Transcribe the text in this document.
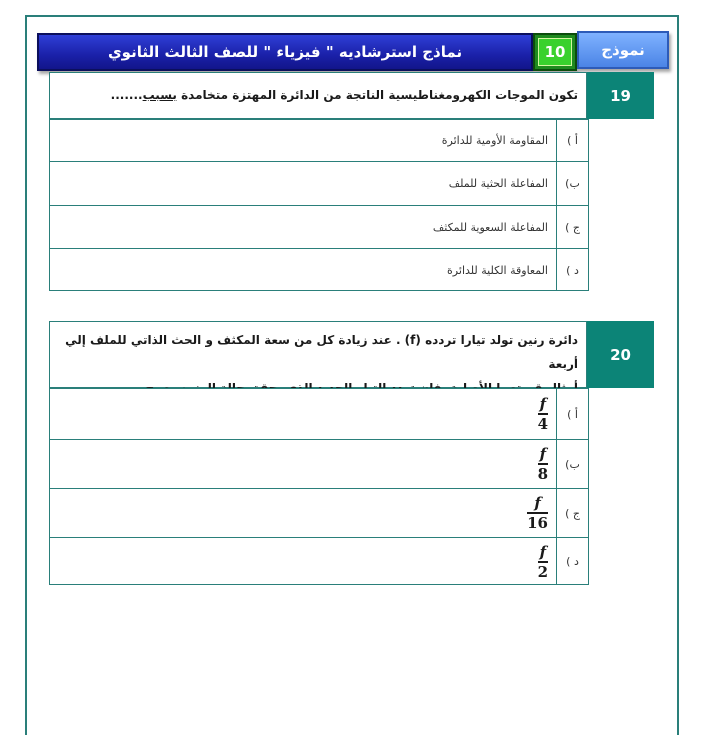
نماذج استرشاديه " فيزياء " للصف الثالث الثانوي	10	نموذج
19
تكون الموجات الكهرومغناطيسية الناتجة من الدائرة المهتزة متخامدة بسبب.......
أ )
المقاومة الأومية للدائرة
ب)
المفاعلة الحثية للملف
ج )
المفاعلة السعوية للمكثف
د )
المعاوقة الكلية للدائرة
20
دائرة رنين تولد تيارا تردده (f) . عند زيادة كل من سعة المكثف و الحث الذاتي للملف إلي أربعة
أ )
$\frac{f}{4}$
ب)
$\frac{f}{8}$
ج )
$\frac{f}{16}$
د )
$\frac{f}{2}$
